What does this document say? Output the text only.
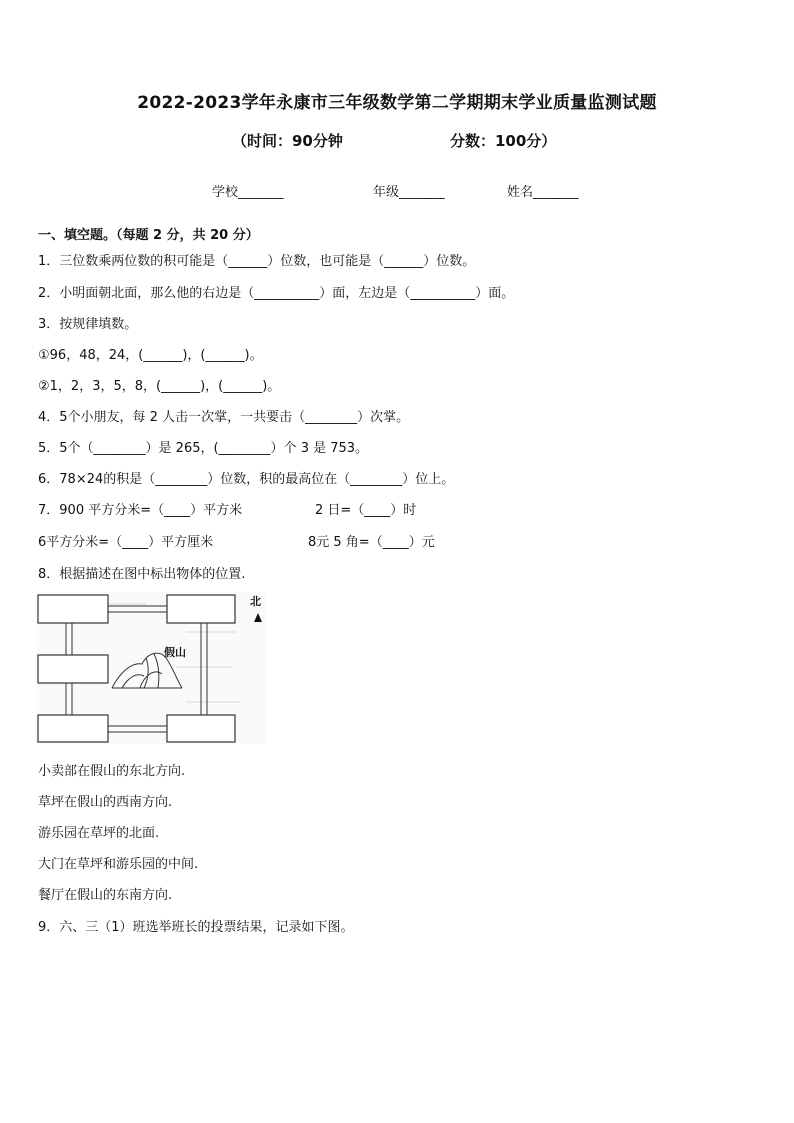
2022-2023学年永康市三年级数学第二学期期末学业质量监测试题
（时间：90分钟	分数：100分）
学校_______	年级_______	姓名_______
一、填空题。（每题 2 分，共 20 分）
1．三位数乘两位数的积可能是（______）位数，也可能是（______）位数。
2．小明面朝北面，那么他的右边是（__________）面，左边是（__________）面。
3．按规律填数。
①96，48，24，(______)，(______)。
②1，2，3，5，8，(______)，(______)。
4．5个小朋友，每 2 人击一次掌，一共要击（________）次掌。
5．5个（________）是 265，(________）个 3 是 753。
6．78×24的积是（________）位数，积的最高位在（________）位上。
7．900 平方分米=（____）平方米	2 日=（____）时
6平方分米=（____）平方厘米	8元 5 角=（____）元
8．根据描述在图中标出物体的位置.
假山
北
小卖部在假山的东北方向.
草坪在假山的西南方向.
游乐园在草坪的北面.
大门在草坪和游乐园的中间.
餐厅在假山的东南方向.
9．六、三（1）班选举班长的投票结果，记录如下图。
